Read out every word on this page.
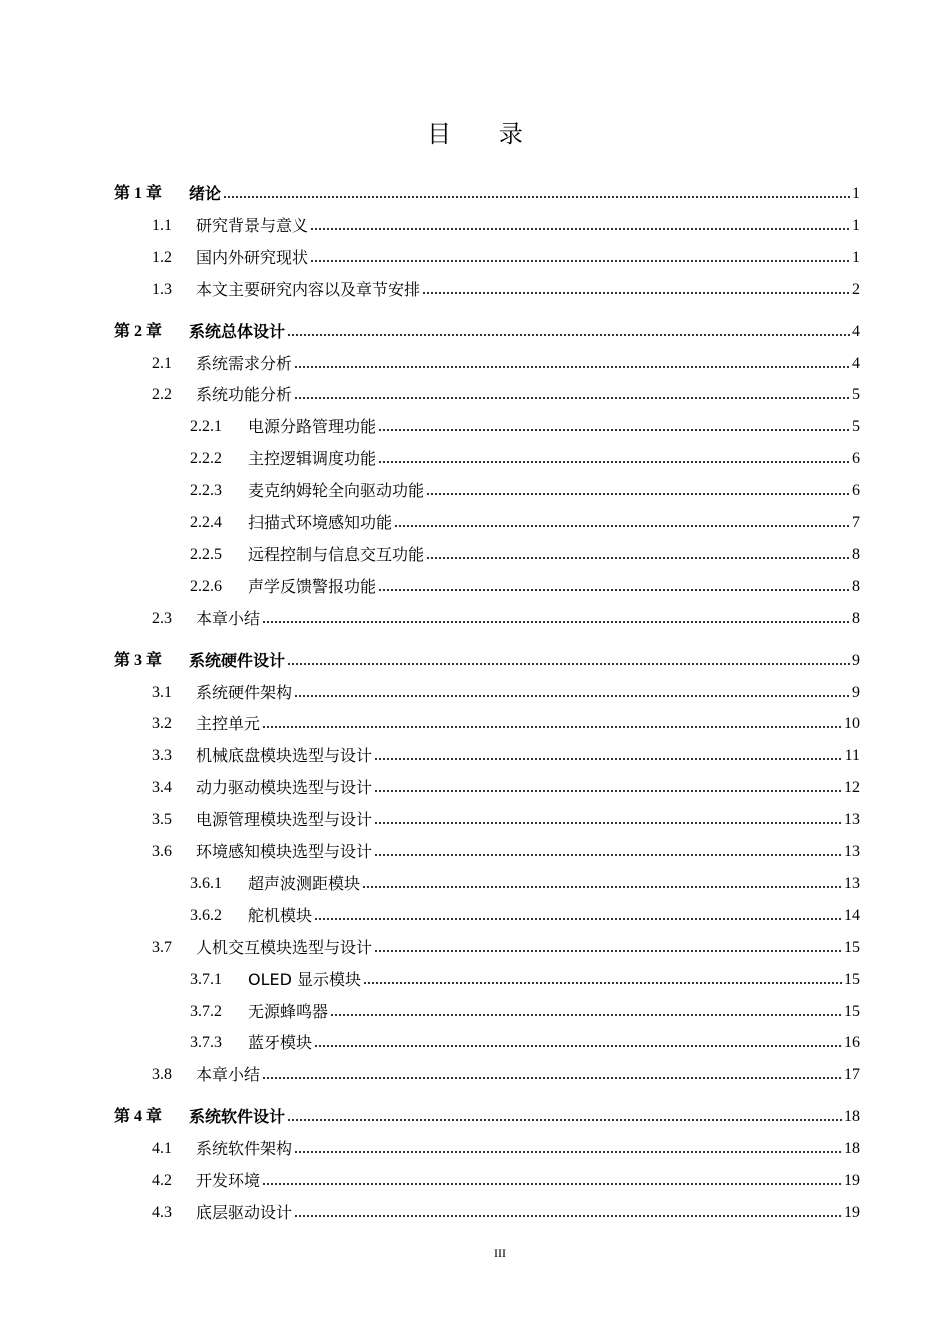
目 录
第 1 章	绪论	1
1.1	研究背景与意义	1
1.2	国内外研究现状	1
1.3	本文主要研究内容以及章节安排	2
第 2 章	系统总体设计	4
2.1	系统需求分析	4
2.2	系统功能分析	5
2.2.1	电源分路管理功能	5
2.2.2	主控逻辑调度功能	6
2.2.3	麦克纳姆轮全向驱动功能	6
2.2.4	扫描式环境感知功能	7
2.2.5	远程控制与信息交互功能	8
2.2.6	声学反馈警报功能	8
2.3	本章小结	8
第 3 章	系统硬件设计	9
3.1	系统硬件架构	9
3.2	主控单元	10
3.3	机械底盘模块选型与设计	11
3.4	动力驱动模块选型与设计	12
3.5	电源管理模块选型与设计	13
3.6	环境感知模块选型与设计	13
3.6.1	超声波测距模块	13
3.6.2	舵机模块	14
3.7	人机交互模块选型与设计	15
3.7.1	OLED 显示模块	15
3.7.2	无源蜂鸣器	15
3.7.3	蓝牙模块	16
3.8	本章小结	17
第 4 章	系统软件设计	18
4.1	系统软件架构	18
4.2	开发环境	19
4.3	底层驱动设计	19
III
